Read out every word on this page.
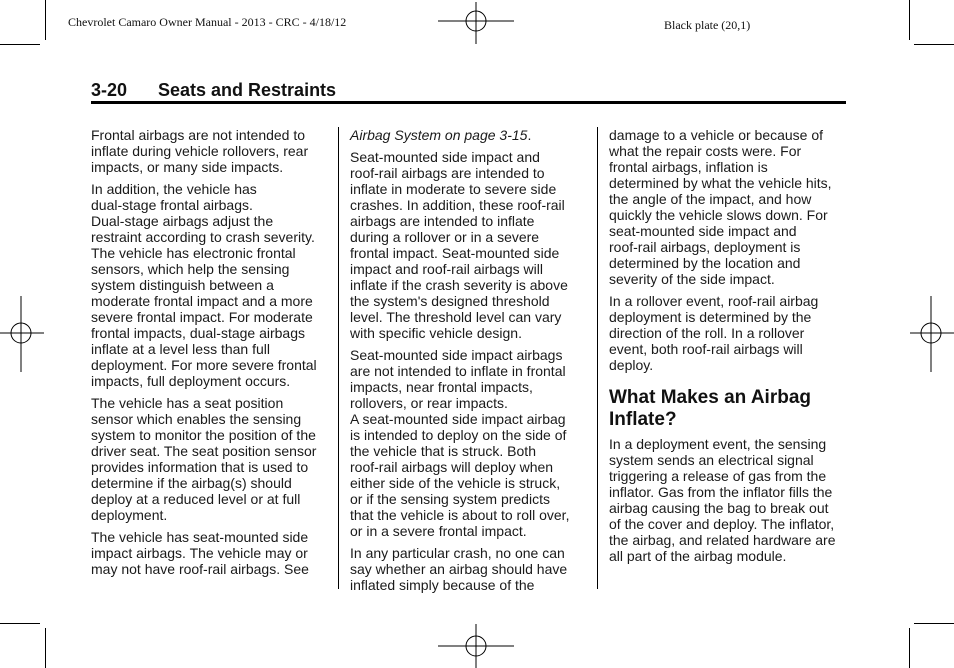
Chevrolet Camaro Owner Manual - 2013 - CRC - 4/18/12	Black plate (20,1)
3-20 Seats and Restraints

Frontal airbags are not intended to
inflate during vehicle rollovers, rear
impacts, or many side impacts.

In addition, the vehicle has
dual-stage frontal airbags.
Dual-stage airbags adjust the
restraint according to crash severity.
The vehicle has electronic frontal
sensors, which help the sensing
system distinguish between a
moderate frontal impact and a more
severe frontal impact. For moderate
frontal impacts, dual-stage airbags
inflate at a level less than full
deployment. For more severe frontal
impacts, full deployment occurs.

The vehicle has a seat position
sensor which enables the sensing
system to monitor the position of the
driver seat. The seat position sensor
provides information that is used to
determine if the airbag(s) should
deploy at a reduced level or at full
deployment.

The vehicle has seat-mounted side
impact airbags. The vehicle may or
may not have roof-rail airbags. See

Airbag System on page 3-15.

Seat-mounted side impact and
roof-rail airbags are intended to
inflate in moderate to severe side
crashes. In addition, these roof-rail
airbags are intended to inflate
during a rollover or in a severe
frontal impact. Seat-mounted side
impact and roof-rail airbags will
inflate if the crash severity is above
the system's designed threshold
level. The threshold level can vary
with specific vehicle design.

Seat-mounted side impact airbags
are not intended to inflate in frontal
impacts, near frontal impacts,
rollovers, or rear impacts.
A seat-mounted side impact airbag
is intended to deploy on the side of
the vehicle that is struck. Both
roof-rail airbags will deploy when
either side of the vehicle is struck,
or if the sensing system predicts
that the vehicle is about to roll over,
or in a severe frontal impact.

In any particular crash, no one can
say whether an airbag should have
inflated simply because of the

damage to a vehicle or because of
what the repair costs were. For
frontal airbags, inflation is
determined by what the vehicle hits,
the angle of the impact, and how
quickly the vehicle slows down. For
seat-mounted side impact and
roof-rail airbags, deployment is
determined by the location and
severity of the side impact.

In a rollover event, roof-rail airbag
deployment is determined by the
direction of the roll. In a rollover
event, both roof-rail airbags will
deploy.

What Makes an Airbag
Inflate?

In a deployment event, the sensing
system sends an electrical signal
triggering a release of gas from the
inflator. Gas from the inflator fills the
airbag causing the bag to break out
of the cover and deploy. The inflator,
the airbag, and related hardware are
all part of the airbag module.
